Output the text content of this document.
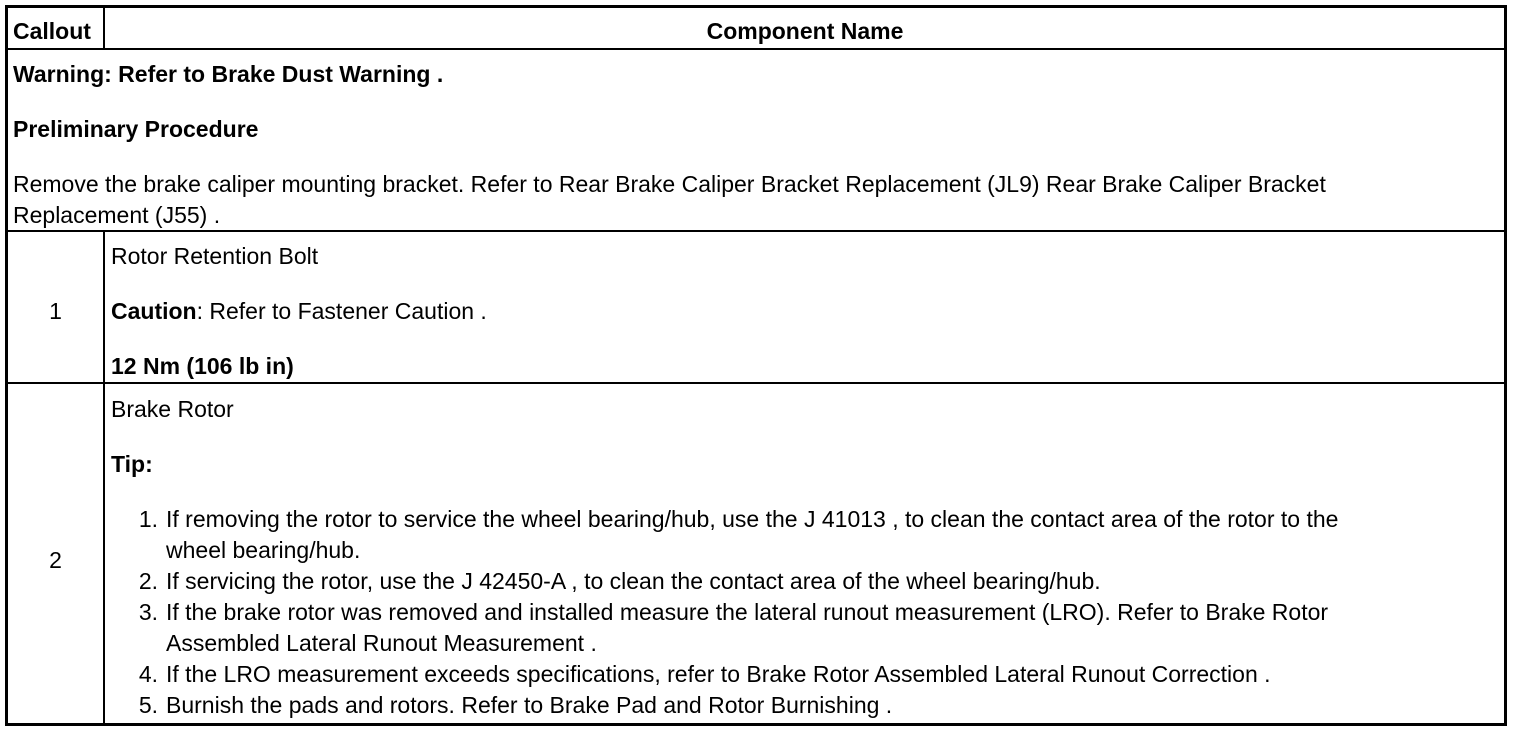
Callout	Component Name
Warning: Refer to Brake Dust Warning .
Preliminary Procedure
Remove the brake caliper mounting bracket. Refer to Rear Brake Caliper Bracket Replacement (JL9) Rear Brake Caliper Bracket
Replacement (J55) .
1
Rotor Retention Bolt
Caution: Refer to Fastener Caution .
12 Nm (106 lb in)
2
Brake Rotor
Tip:
1. If removing the rotor to service the wheel bearing/hub, use the J 41013 , to clean the contact area of the rotor to the
wheel bearing/hub.
2. If servicing the rotor, use the J 42450-A , to clean the contact area of the wheel bearing/hub.
3. If the brake rotor was removed and installed measure the lateral runout measurement (LRO). Refer to Brake Rotor
Assembled Lateral Runout Measurement .
4. If the LRO measurement exceeds specifications, refer to Brake Rotor Assembled Lateral Runout Correction .
5. Burnish the pads and rotors. Refer to Brake Pad and Rotor Burnishing .
